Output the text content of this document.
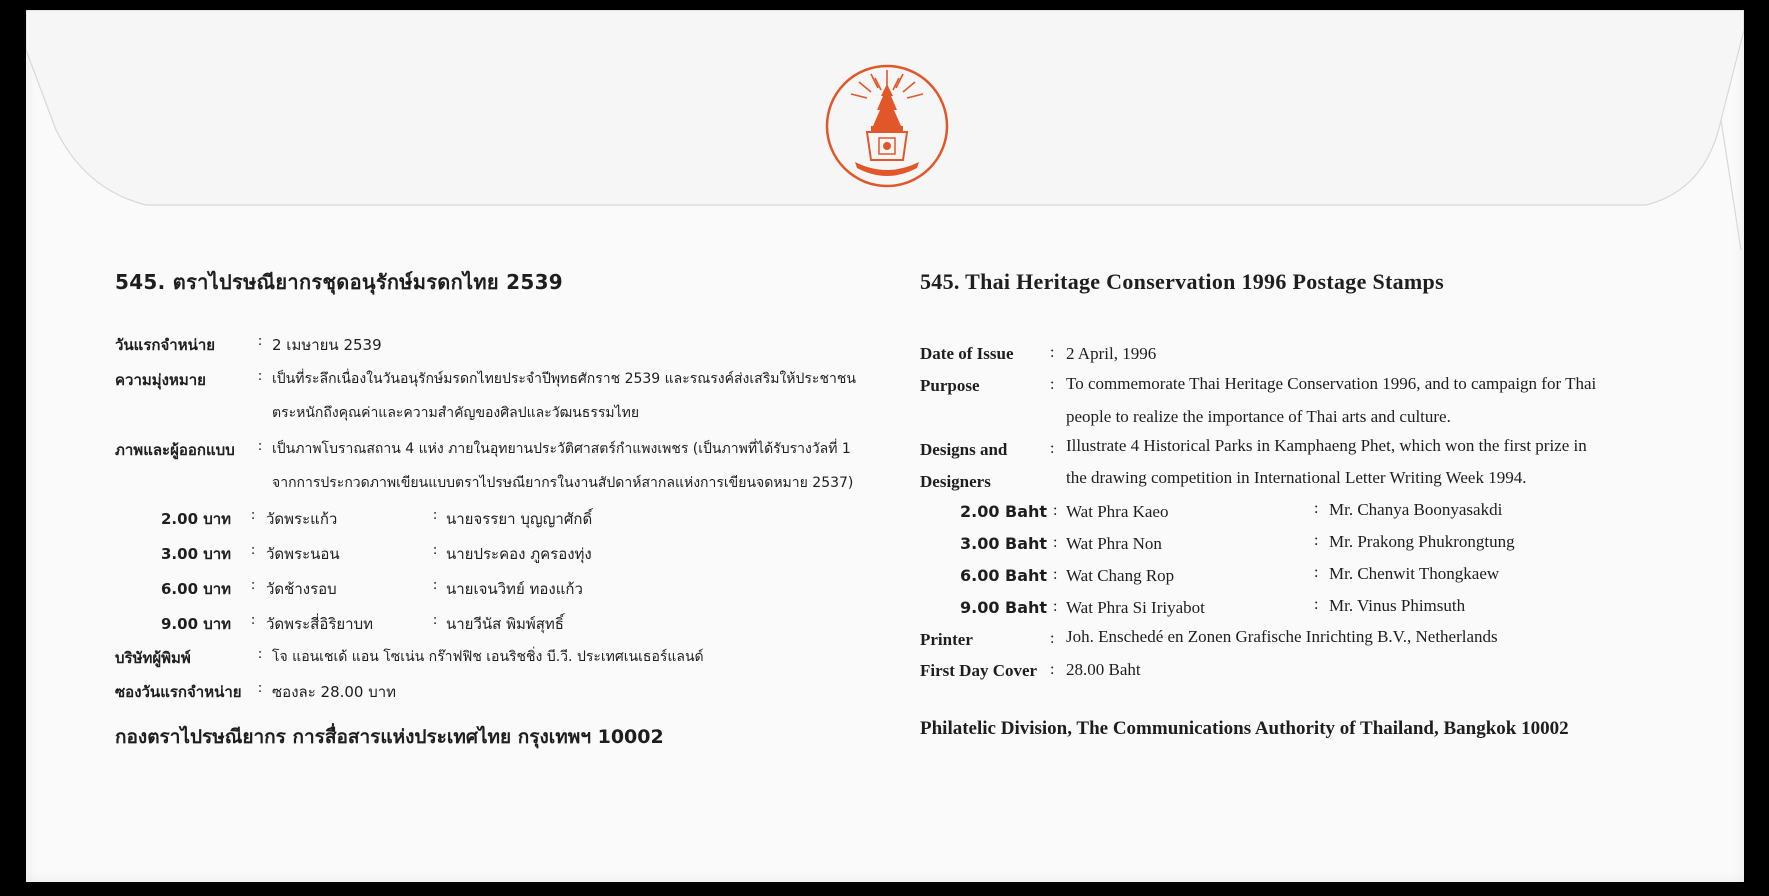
545. ตราไปรษณียากรชุดอนุรักษ์มรดกไทย 2539
วันแรกจำหน่าย	: 2 เมษายน 2539
ความมุ่งหมาย	: เป็นที่ระลึกเนื่องในวันอนุรักษ์มรดกไทยประจำปีพุทธศักราช 2539 และรณรงค์ส่งเสริมให้ประชาชน
ตระหนักถึงคุณค่าและความสำคัญของศิลปและวัฒนธรรมไทย
ภาพและผู้ออกแบบ : เป็นภาพโบราณสถาน 4 แห่ง ภายในอุทยานประวัติศาสตร์กำแพงเพชร (เป็นภาพที่ได้รับรางวัลที่ 1
จากการประกวดภาพเขียนแบบตราไปรษณียากรในงานสัปดาห์สากลแห่งการเขียนจดหมาย 2537)
2.00 บาท : วัดพระแก้ว	: นายจรรยา บุญญาศักดิ์
3.00 บาท : วัดพระนอน	: นายประคอง ภูครองทุ่ง
6.00 บาท : วัดช้างรอบ	: นายเจนวิทย์ ทองแก้ว
9.00 บาท : วัดพระสี่อิริยาบท	: นายวีนัส พิมพ์สุทธิ์
บริษัทผู้พิมพ์	: โจ แอนเชเด้ แอน โซเน่น กร๊าฟฟิช เอนริชชิ่ง บี.วี. ประเทศเนเธอร์แลนด์
ซองวันแรกจำหน่าย : ซองละ 28.00 บาท
กองตราไปรษณียากร การสื่อสารแห่งประเทศไทย กรุงเทพฯ 10002
545. Thai Heritage Conservation 1996 Postage Stamps
Date of Issue : 2 April, 1996
Purpose	: To commemorate Thai Heritage Conservation 1996, and to campaign for Thai
people to realize the importance of Thai arts and culture.
Designs and
Designers
: Illustrate 4 Historical Parks in Kamphaeng Phet, which won the first prize in
the drawing competition in International Letter Writing Week 1994.
2.00 Baht : Wat Phra Kaeo	: Mr. Chanya Boonyasakdi
3.00 Baht : Wat Phra Non	: Mr. Prakong Phukrongtung
6.00 Baht : Wat Chang Rop	: Mr. Chenwit Thongkaew
9.00 Baht : Wat Phra Si Iriyabot	: Mr. Vinus Phimsuth
Printer	: Joh. Enschedé en Zonen Grafische Inrichting B.V., Netherlands
First Day Cover : 28.00 Baht
Philatelic Division, The Communications Authority of Thailand, Bangkok 10002
